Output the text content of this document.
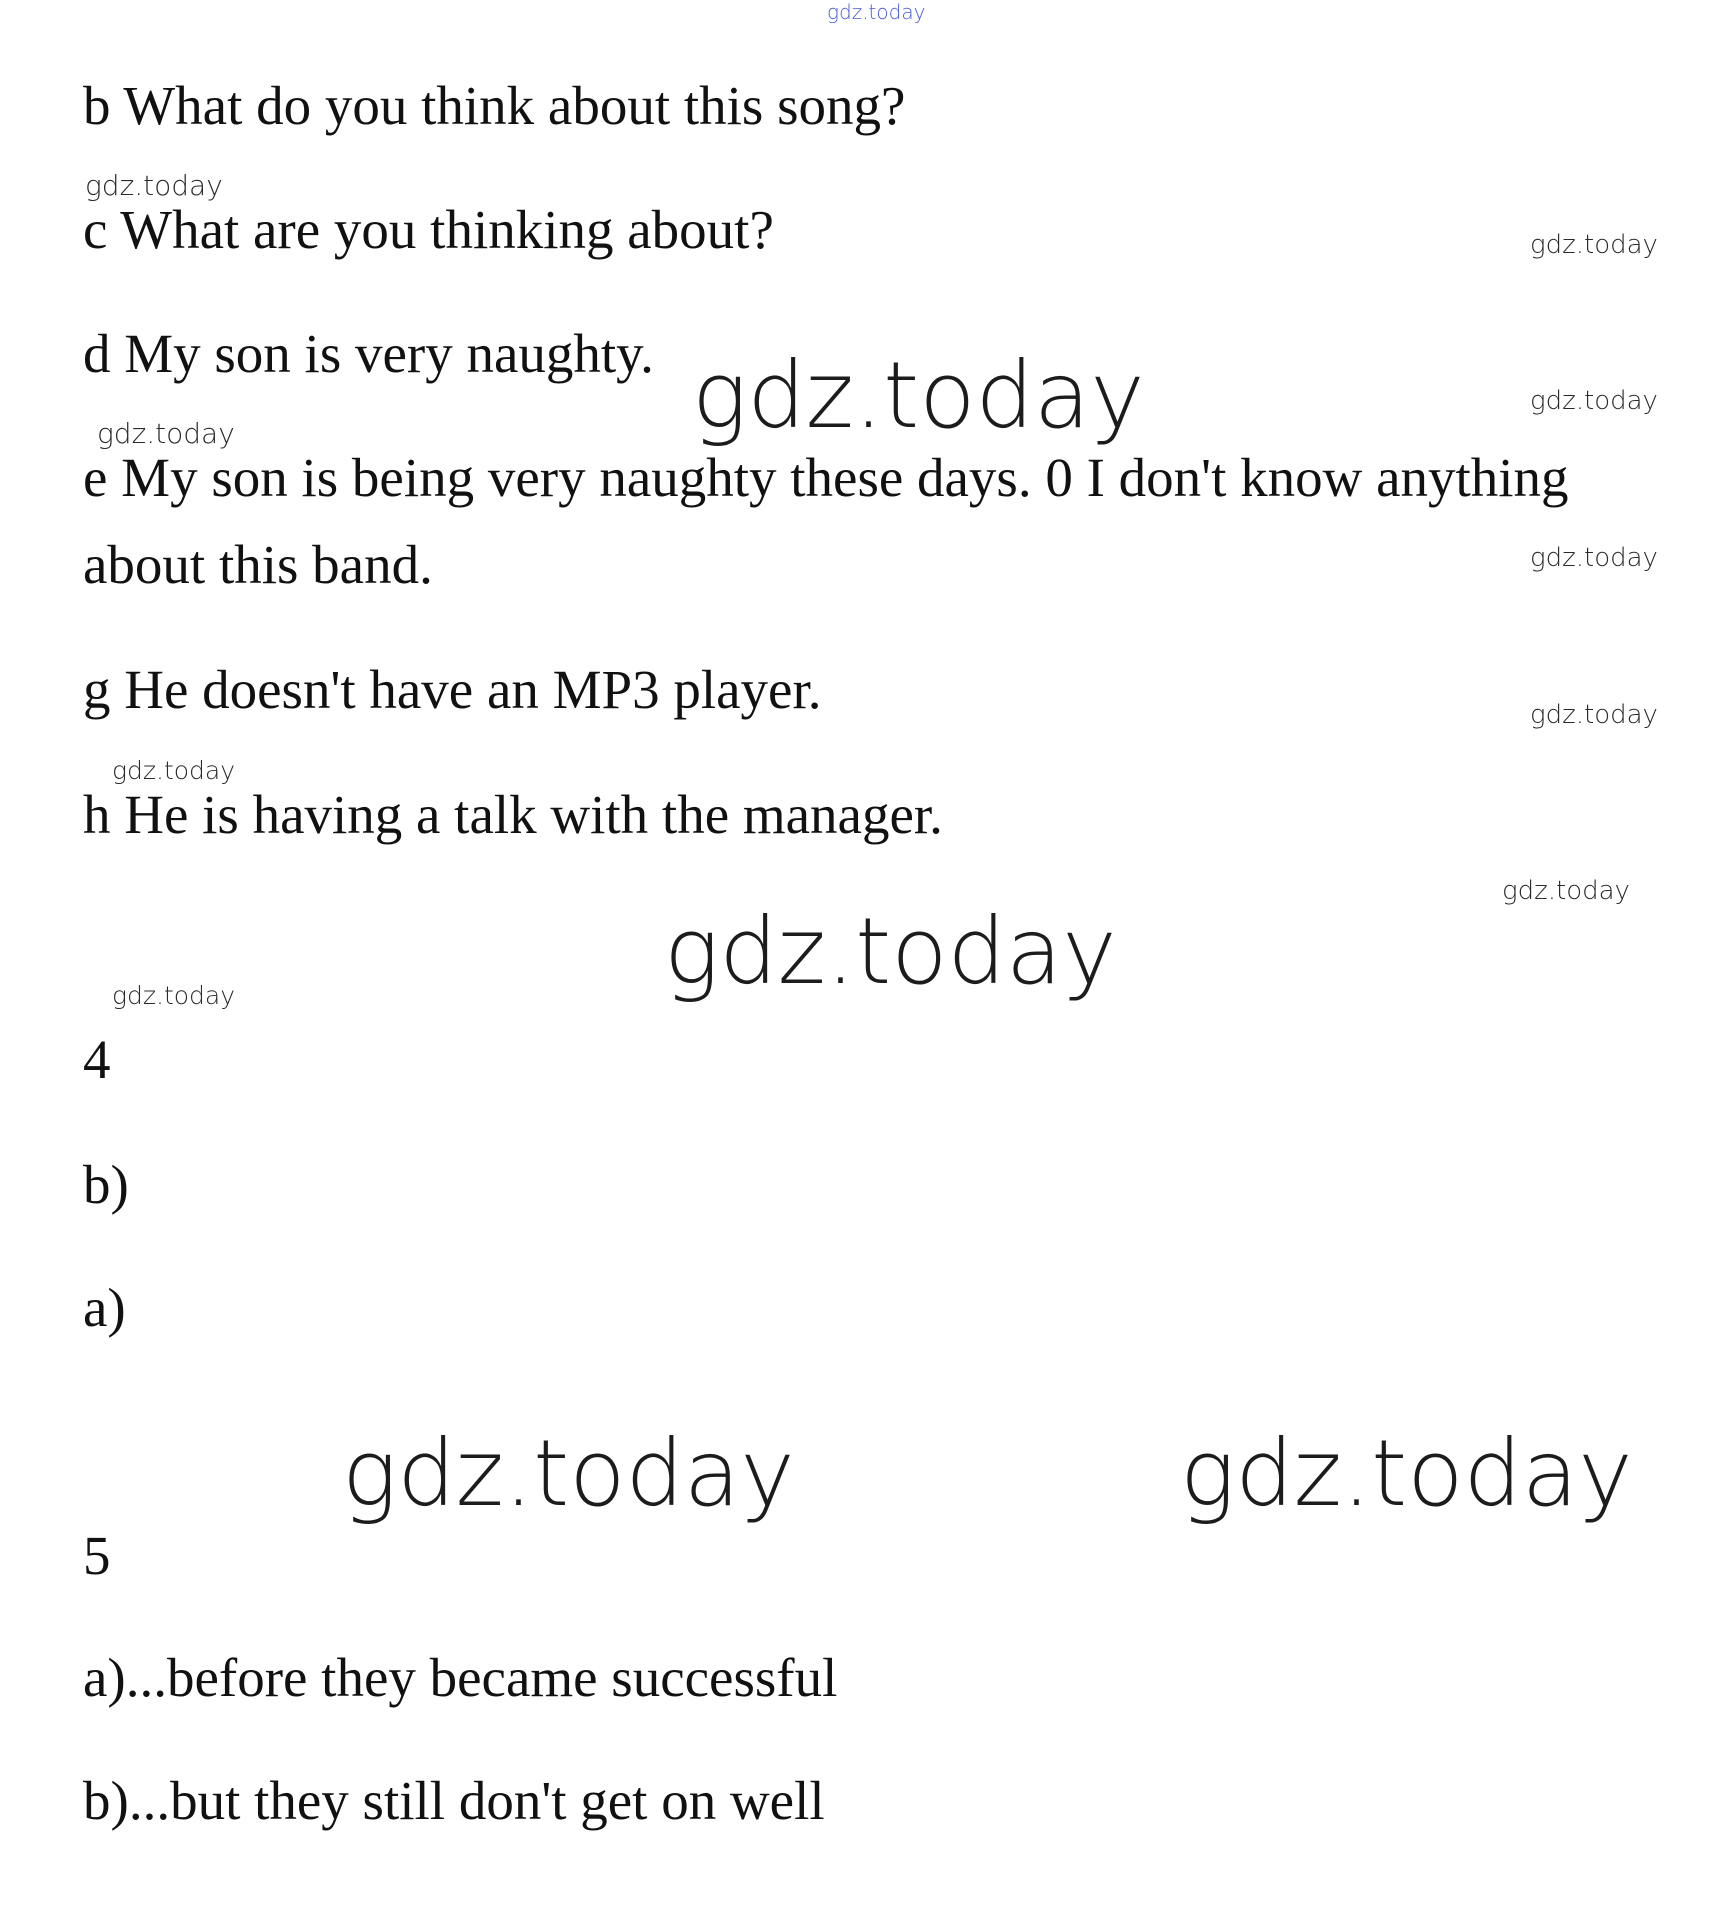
gdz.today

b What do you think about this song?

c What are you thinking about?

d My son is very naughty.

e My son is being very naughty these days. 0 I don't know anything

about this band.

g He doesn't have an MP3 player.

h He is having a talk with the manager.

4

b)

a)

5

a)...before they became successful

b)...but they still don't get on well

gdz.today
gdz.today
gdz.today
gdz.today
gdz.today
gdz.today
gdz.today
gdz.today
gdz.today
gdz.today
gdz.today
gdz.today	gdz.today
